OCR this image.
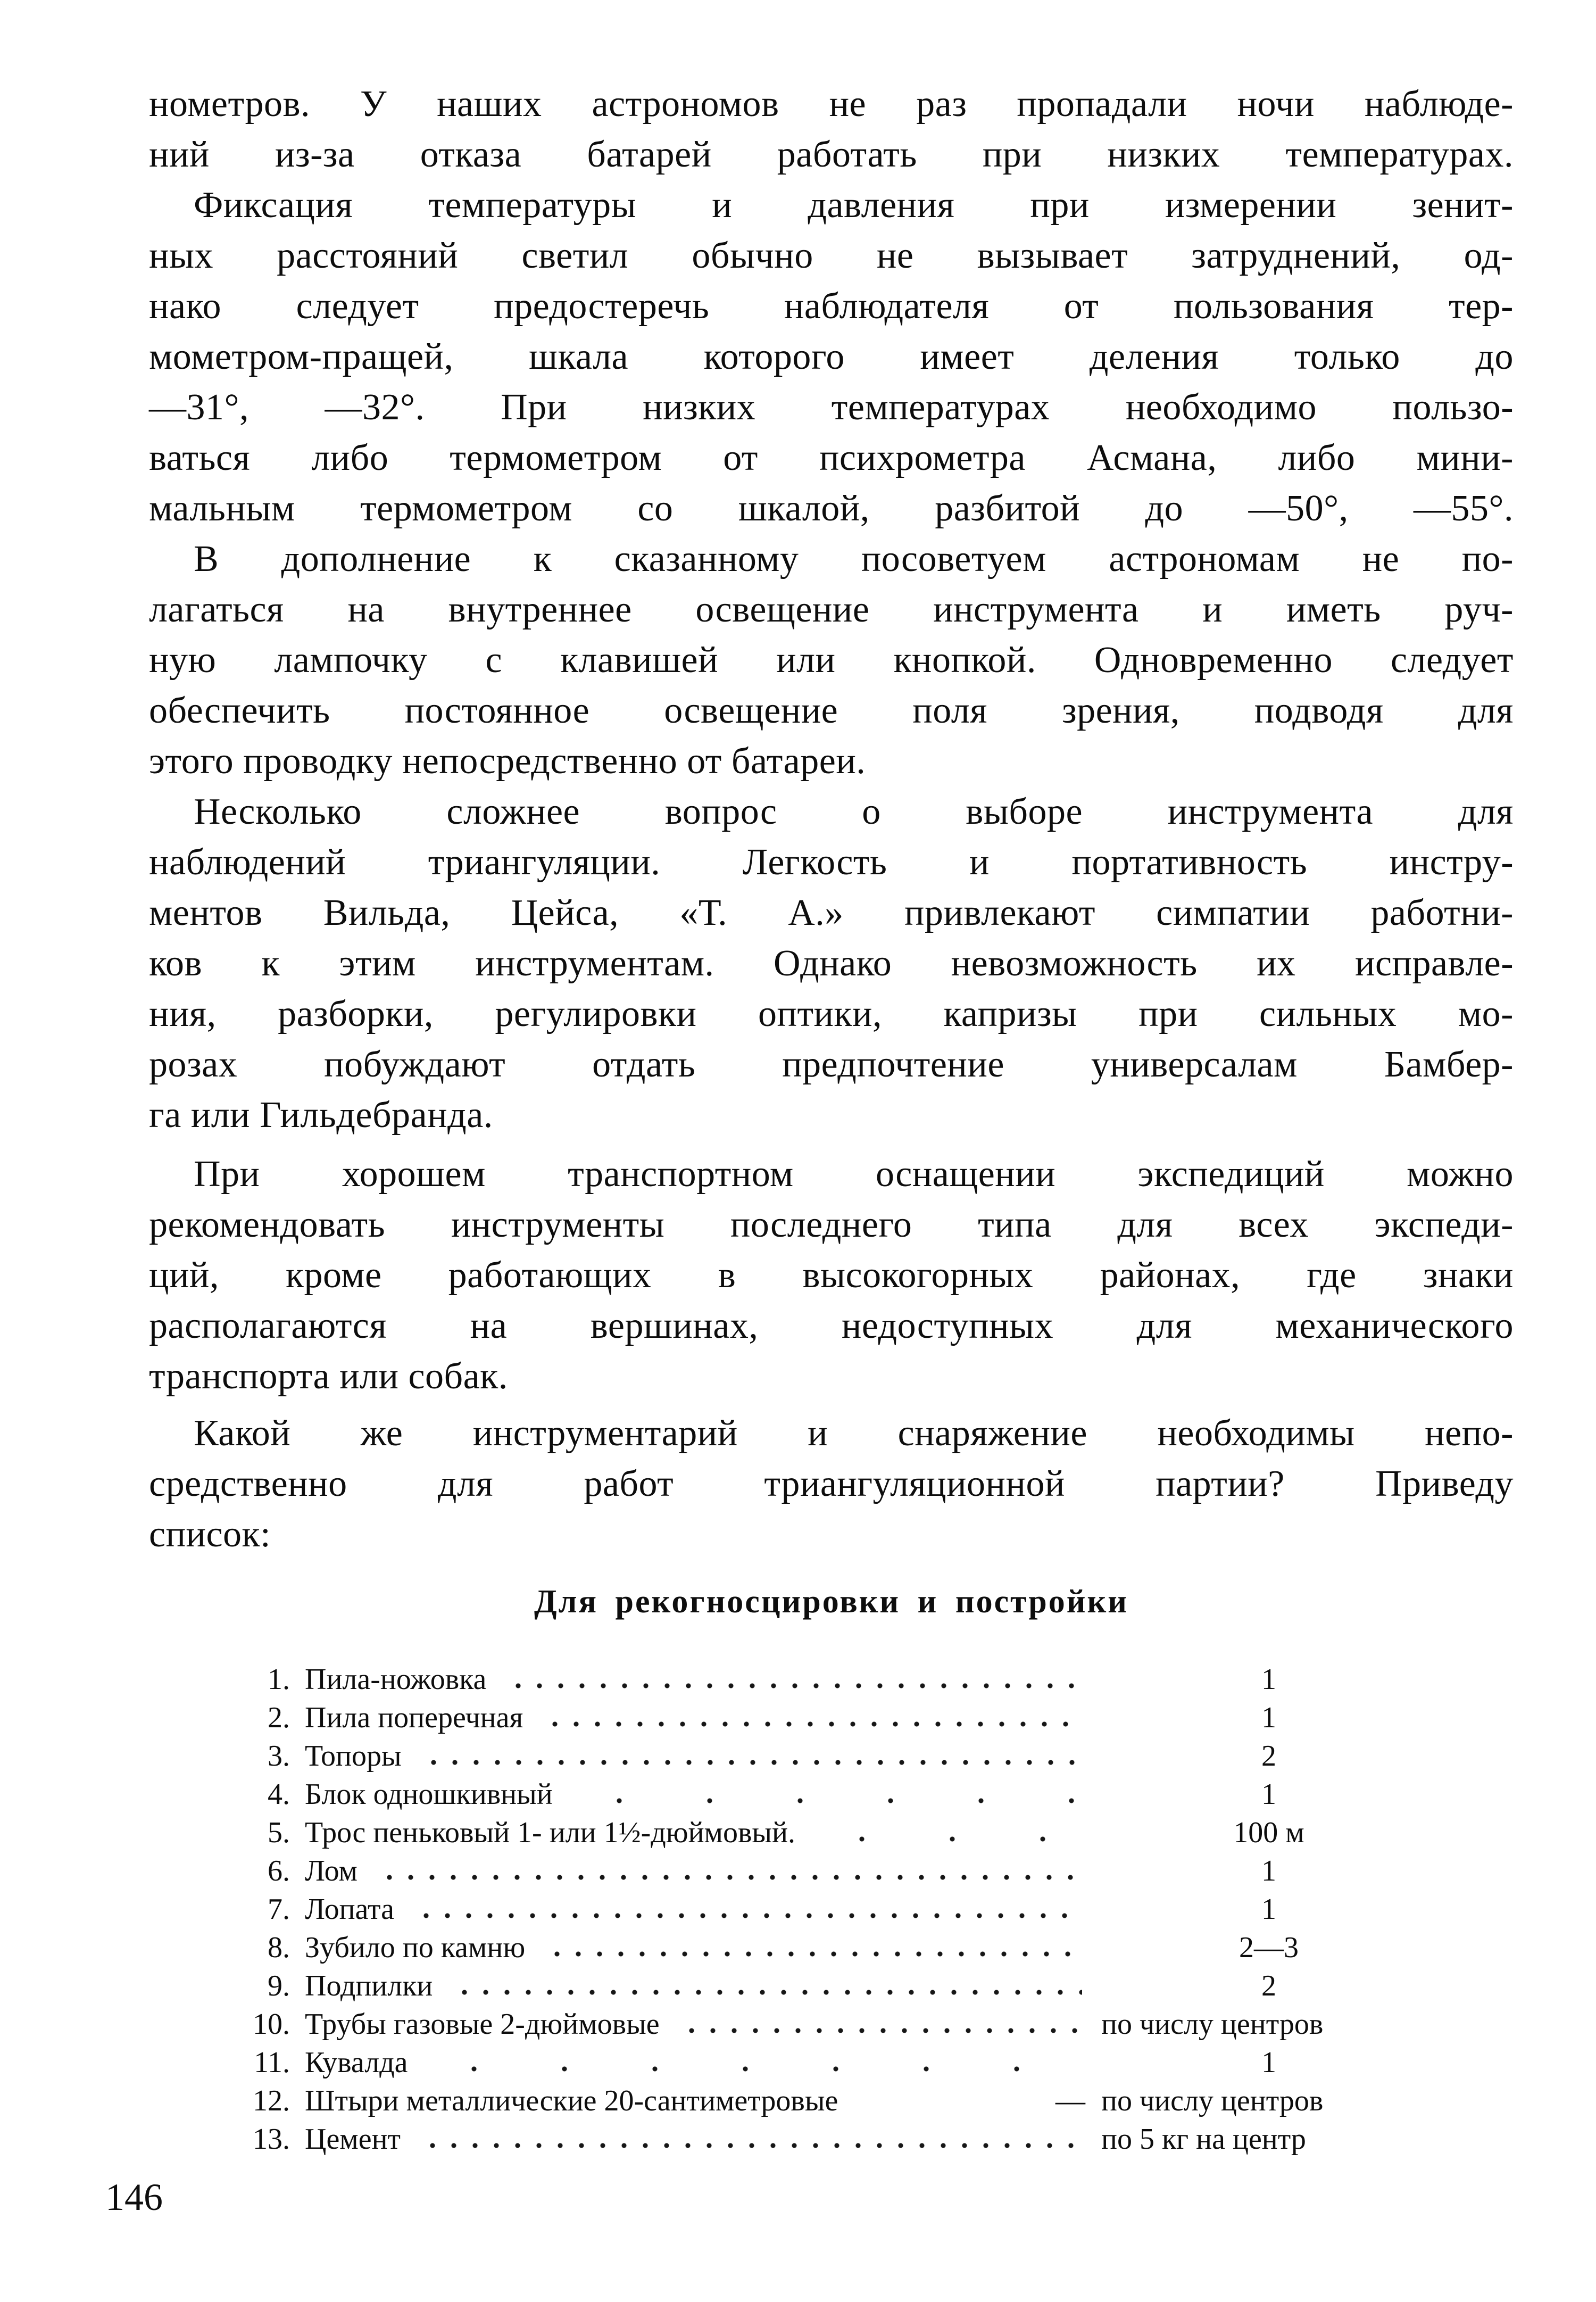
нометров. У наших астрономов не раз пропадали ночи наблюде-
ний из-за отказа батарей работать при низких температурах.
Фиксация температуры и давления при измерении зенит-
ных расстояний светил обычно не вызывает затруднений, од-
нако следует предостеречь наблюдателя от пользования тер-
мометром-пращей, шкала которого имеет деления только до
—31°, —32°. При низких температурах необходимо пользо-
ваться либо термометром от психрометра Асмана, либо мини-
мальным термометром со шкалой, разбитой до —50°, —55°.
В дополнение к сказанному посоветуем астрономам не по-
лагаться на внутреннее освещение инструмента и иметь руч-
ную лампочку с клавишей или кнопкой. Одновременно следует
обеспечить постоянное освещение поля зрения, подводя для
этого проводку непосредственно от батареи.
Несколько сложнее вопрос о выборе инструмента для
наблюдений триангуляции. Легкость и портативность инстру-
ментов Вильда, Цейса, «Т. А.» привлекают симпатии работни-
ков к этим инструментам. Однако невозможность их исправле-
ния, разборки, регулировки оптики, капризы при сильных мо-
розах побуждают отдать предпочтение универсалам Бамбер-
га или Гильдебранда.
При хорошем транспортном оснащении экспедиций можно
рекомендовать инструменты последнего типа для всех экспеди-
ций, кроме работающих в высокогорных районах, где знаки
располагаются на вершинах, недоступных для механического
транспорта или собак.
Какой же инструментарий и снаряжение необходимы непо-
средственно для работ триангуляционной партии? Приведу
список:
Для рекогносцировки и постройки
1. Пила-ножовка	1
2. Пила поперечная	1
3. Топоры	2
4. Блок одношкивный	1
5. Трос пеньковый 1- или 1½-дюймовый.	100 м
6. Лом	1
7. Лопата	1
8. Зубило по камню	2—3
9. Подпилки	2
10. Трубы газовые 2-дюймовые	по числу центров
11. Кувалда	1
12. Штыри металлические 20-сантиметровые	— по числу центров
13. Цемент	по 5 кг на центр
146
